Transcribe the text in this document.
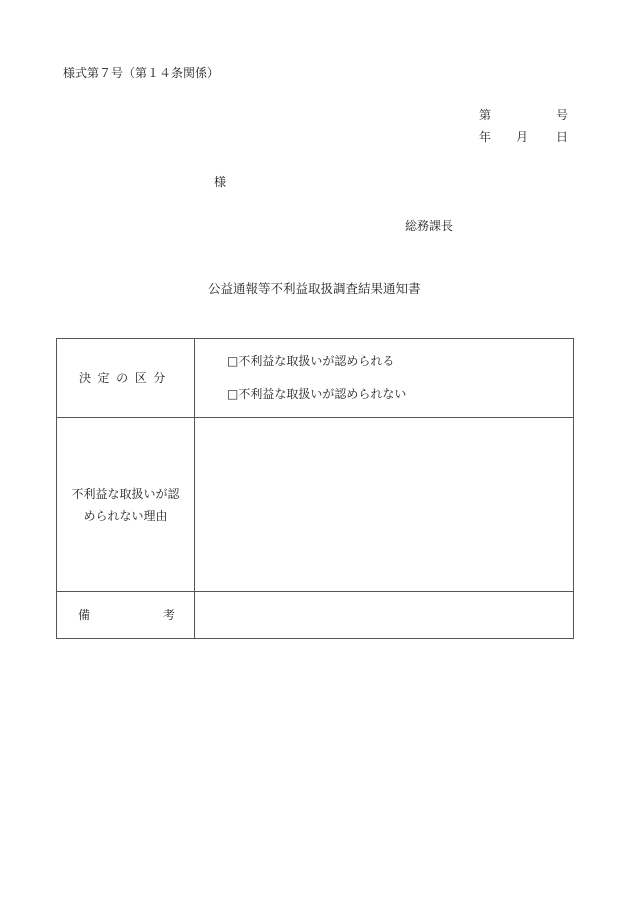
様式第７号（第１４条関係）
第	号
年 月 日
様
総務課長
公益通報等不利益取扱調査結果通知書
決定の区分	□不利益な取扱いが認められる
□不利益な取扱いが認められない

不利益な取扱いが認
められない理由	

備 考	
